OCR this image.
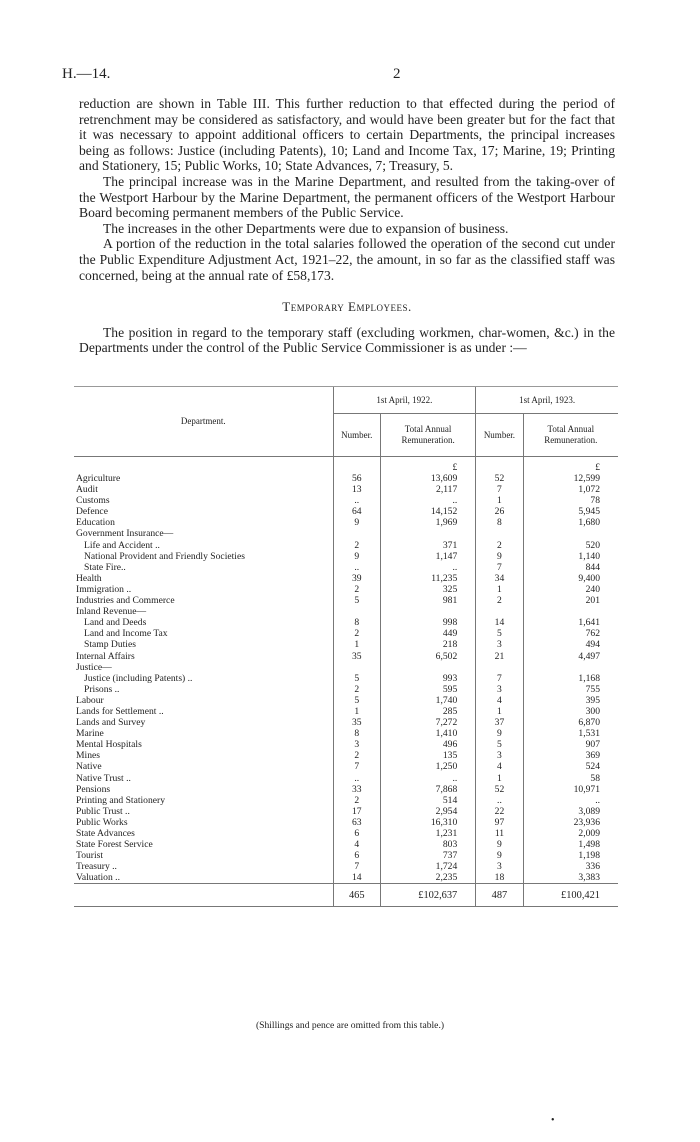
H.—14.	2

reduction are shown in Table III. This further reduction to that effected during the period of retrenchment may be considered as satisfactory, and would have been greater but for the fact that it was necessary to appoint additional officers to certain Departments, the principal increases being as follows: Justice (including Patents), 10; Land and Income Tax, 17; Marine, 19; Printing and Stationery, 15; Public Works, 10; State Advances, 7; Treasury, 5.

The principal increase was in the Marine Department, and resulted from the taking-over of the Westport Harbour by the Marine Department, the permanent officers of the Westport Harbour Board becoming permanent members of the Public Service.

The increases in the other Departments were due to expansion of business.

A portion of the reduction in the total salaries followed the operation of the second cut under the Public Expenditure Adjustment Act, 1921–22, the amount, in so far as the classified staff was concerned, being at the annual rate of £58,173.

Temporary Employees.

The position in regard to the temporary staff (excluding workmen, char-women, &c.) in the Departments under the control of the Public Service Commissioner is as under :—

Department.	1st April, 1922.		1st April, 1923.	
	Number.	Total Annual Remuneration.	Number.	Total Annual Remuneration.
		£		£
Agriculture	56	13,609	52	12,599
Audit	13	2,117	7	1,072
Customs	..	..	1	78
Defence	64	14,152	26	5,945
Education	9	1,969	8	1,680
Government Insurance—				
Life and Accident ..	2	371	2	520
National Provident and Friendly Societies	9	1,147	9	1,140
State Fire..	..	..	7	844
Health	39	11,235	34	9,400
Immigration ..	2	325	1	240
Industries and Commerce	5	981	2	201
Inland Revenue—				
Land and Deeds	8	998	14	1,641
Land and Income Tax	2	449	5	762
Stamp Duties	1	218	3	494
Internal Affairs	35	6,502	21	4,497
Justice—				
Justice (including Patents) ..	5	993	7	1,168
Prisons ..	2	595	3	755
Labour	5	1,740	4	395
Lands for Settlement ..	1	285	1	300
Lands and Survey	35	7,272	37	6,870
Marine	8	1,410	9	1,531
Mental Hospitals	3	496	5	907
Mines	2	135	3	369
Native	7	1,250	4	524
Native Trust ..	..	..	1	58
Pensions	33	7,868	52	10,971
Printing and Stationery	2	514	..	..
Public Trust ..	17	2,954	22	3,089
Public Works	63	16,310	97	23,936
State Advances	6	1,231	11	2,009
State Forest Service	4	803	9	1,498
Tourist	6	737	9	1,198
Treasury ..	7	1,724	3	336
Valuation ..	14	2,235	18	3,383
	465	£102,637	487	£100,421
(Shillings and pence are omitted from this table.)
•
